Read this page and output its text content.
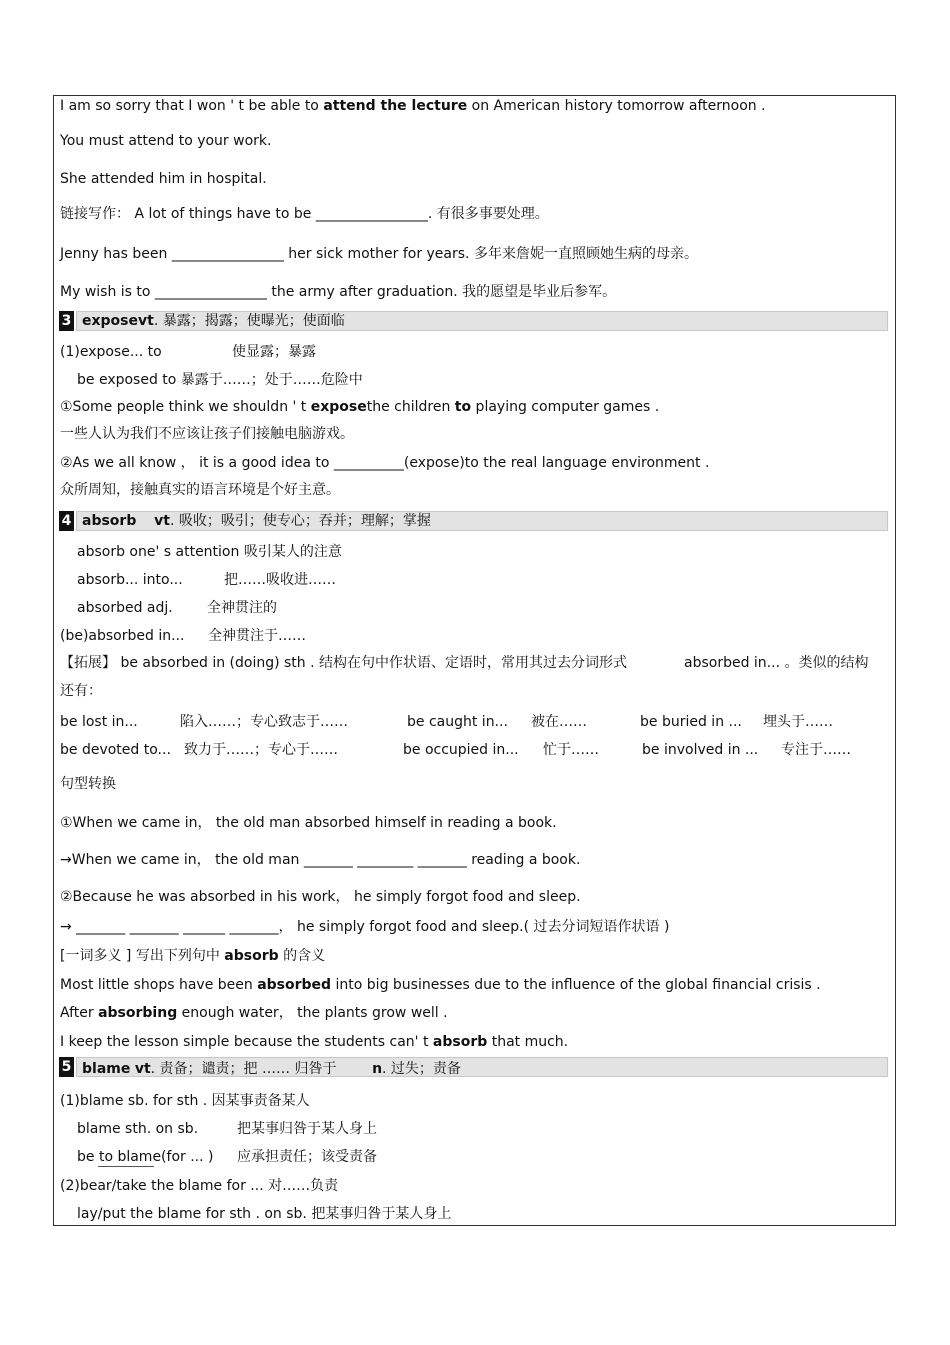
I am so sorry that I won ' t be able to attend the lecture on American history tomorrow afternoon .
You must attend to your work.
She attended him in hospital.
链接写作： A lot of things have to be ________________. 有很多事要处理。
Jenny has been ________________ her sick mother for years. 多年来詹妮一直照顾她生病的母亲。
My wish is to ________________ the army after graduation. 我的愿望是毕业后参军。
3 exposevt. 暴露；揭露；使曝光；使面临
(1)expose... to	使显露；暴露
be exposed to 暴露于……；处于……危险中
①Some people think we shouldn ' t exposethe children to playing computer games .
一些人认为我们不应该让孩子们接触电脑游戏。
②As we all know ， it is a good idea to __________(expose)to the real language environment .
众所周知，接触真实的语言环境是个好主意。
4 absorb vt. 吸收；吸引；使专心；吞并；理解；掌握
absorb one' s attention 吸引某人的注意
absorb... into...	把……吸收进……
absorbed adj. 全神贯注的
(be)absorbed in... 全神贯注于……
【拓展】 be absorbed in (doing) sth . 结构在句中作状语、定语时，常用其过去分词形式	absorbed in... 。类似的结构
还有：
be lost in...	陷入……；专心致志于……	be caught in... 被在……	be buried in ... 埋头于……
be devoted to... 致力于……；专心于……	be occupied in... 忙于……	be involved in ... 专注于……
句型转换
①When we came in， the old man absorbed himself in reading a book.
→When we came in， the old man _______ ________ _______ reading a book.
②Because he was absorbed in his work， he simply forgot food and sleep.
→ _______ _______ ______ _______， he simply forgot food and sleep.( 过去分词短语作状语 )
[一词多义 ] 写出下列句中 absorb 的含义
Most little shops have been absorbed into big businesses due to the influence of the global financial crisis .
After absorbing enough water， the plants grow well .
I keep the lesson simple because the students can' t absorb that much.
5 blame vt. 责备；谴责；把 …… 归咎于	n. 过失；责备
(1)blame sb. for sth . 因某事责备某人
blame sth. on sb.	把某事归咎于某人身上
be to blame(for ... ) 应承担责任；该受责备
(2)bear/take the blame for ... 对……负责
lay/put the blame for sth . on sb. 把某事归咎于某人身上
